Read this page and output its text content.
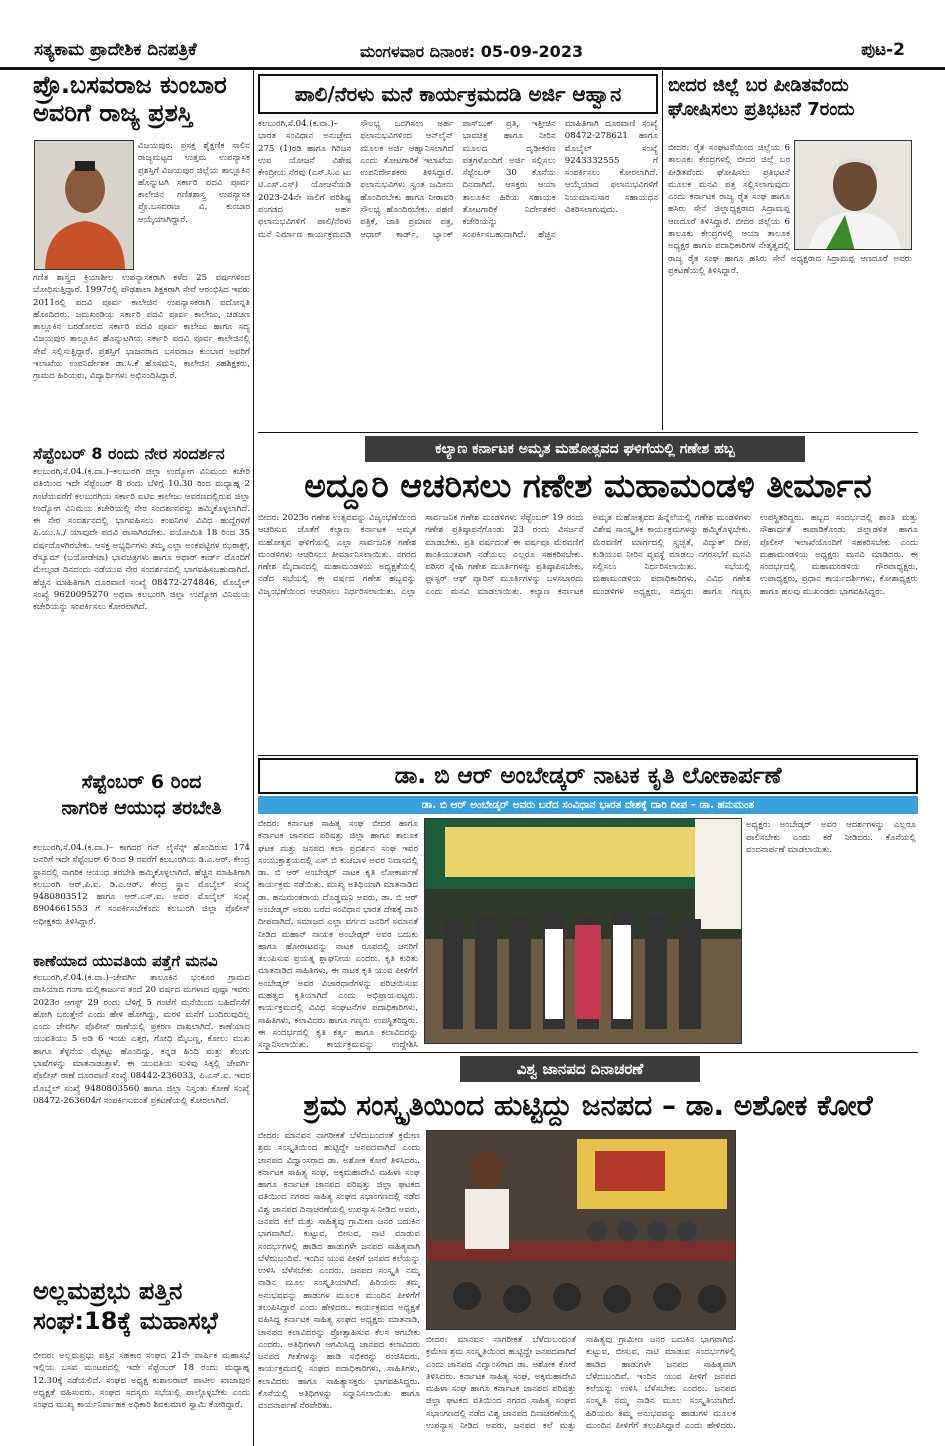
ಸತ್ಯಕಾಮ ಪ್ರಾದೇಶಿಕ ದಿನಪತ್ರಿಕೆ	ಮಂಗಳವಾರ ದಿನಾಂಕ: 05-09-2023	ಪುಟ-2
ಪ್ರೊ.ಬಸವರಾಜ ಕುಂಬಾರ ಅವರಿಗೆ ರಾಜ್ಯ ಪ್ರಶಸ್ತಿ
ವಿಜಯಪುರ: ಪ್ರಸಕ್ತ ಶೈಕ್ಷಣಿಕ ಸಾಲಿನ ರಾಜ್ಯಮಟ್ಟದ ಉತ್ತಮ ಉಪನ್ಯಾಸಕ ಪ್ರಶಸ್ತಿಗೆ ವಿಜಯಪುರ ಜಿಲ್ಲೆಯ ತಾಲ್ಲೂಕಿನ ಹೊನ್ನುಟಗಿ ಸರ್ಕಾರಿ ಪದವಿ ಪೂರ್ವ ಕಾಲೇಜಿನ ಗಣಿತಶಾಸ್ತ್ರ ಉಪನ್ಯಾಸಕ ಪ್ರೊ.ಬಸವರಾಜ ವಿ. ಕುಂಬಾರ ಆಯ್ಕೆಯಾಗಿದ್ದಾರೆ.
ಗಣಿತ ಶಾಸ್ತ್ರದ ಕ್ರಿಯಾಶೀಲ ಉಪನ್ಯಾಸಕರಾಗಿ ಕಳೆದ 25 ವರ್ಷಗಳಿಂದ ಬೋಧಿಸುತ್ತಿದ್ದಾರೆ. 1997ರಲ್ಲಿ ಪೌಢಶಾಲಾ ಶಿಕ್ಷಕರಾಗಿ ಸೇವೆ ಆರಂಭಿಸಿದ ಇವರು 2011ರಲ್ಲಿ ಪದವಿ ಪೂರ್ವ ಕಾಲೇಜಿನ ಉಪನ್ಯಾಸಕರಾಗಿ ಪದೋನ್ನತಿ ಹೊಂದಿದರು. ಜಮಖಂಡಿಯ ಸರ್ಕಾರಿ ಪದವಿ ಪೂರ್ವ ಕಾಲೇಜು, ಚಡಚಣ ತಾಲ್ಲೂಕಿನ ಬರಡೋಲದ ಸರ್ಕಾರಿ ಪದವಿ ಪೂರ್ವ ಕಾಲೇಜು ಹಾಗೂ ಸದ್ಯ ವಿಜಯಪುರ ತಾಲ್ಲೂಕಿನ ಹೊನ್ನುಟಗಿಯ ಸರ್ಕಾರಿ ಪದವಿ ಪೂರ್ವ ಕಾಲೇಜಿನಲ್ಲಿ ಸೇವೆ ಸಲ್ಲಿಸುತ್ತಿದ್ದಾರೆ. ಪ್ರಶಸ್ತಿಗೆ ಭಾಜನರಾದ ಬಸವರಾಜ ಕುಂಬಾರ ಅವರಿಗೆ ಇಲಾಖೆಯ ಉಪನಿರ್ದೇಶಕ ಡಾ.ಸಿ.ಕೆ ಹೊಸಮನಿ, ಕಾಲೇಜಿನ ಸಹಶಿಕ್ಷಕರು, ಗ್ರಾಮದ ಹಿರಿಯರು, ವಿದ್ಯಾರ್ಥಿಗಳು ಅಭಿನಂದಿಸಿದ್ದಾರೆ.
ಸೆಪ್ಟೆಂಬರ್ 8 ರಂದು ನೇರ ಸಂದರ್ಶನ
ಕಲಬುರಗಿ,ಸೆ.04.(ಕ.ವಾ.)–ಕಲಬುರಗಿ ಜಿಲ್ಲಾ ಉದ್ಯೋಗ ವಿನಿಮಯ ಕಚೇರಿ ವತಿಯಿಂದ ಇದೇ ಸೆಪ್ಟೆಂಬರ್ 8 ರಂದು ಬೆಳಿಗ್ಗೆ 10.30 ರಿಂದ ಮಧ್ಯಾಹ್ನ 2 ಗಂಟೆಯವರೆಗೆ ಕಲಬುರಗಿಯ ಸರ್ಕಾರಿ ಐಟಿಐ ಕಾಲೇಜು ಆವರಣದಲ್ಲಿರುವ ಜಿಲ್ಲಾ ಉದ್ಯೋಗ ವಿನಿಮಯ ಕಚೇರಿಯಲ್ಲಿ ನೇರ ಸಂದರ್ಶನವನ್ನು ಹಮ್ಮಿಕೊಳ್ಳಲಾಗಿದೆ. ಈ ನೇರ ಸಂದರ್ಶನದಲ್ಲಿ ಭಾಗವಹಿಸಲು ಕಂಪನಿಗಳ ವಿವಿಧ ಹುದ್ದೆಗಳಿಗೆ ಪಿ.ಯು.ಸಿ./ ಯಾವುದೇ ಪದವಿ ಪಾಸಾಗಿರಬೇಕು. ವಯೋಮಿತಿ 18 ರಿಂದ 35 ವರ್ಷದೊಳಗಿರಬೇಕು. ಆಸಕ್ತ ಅಭ್ಯರ್ಥಿಗಳು ತಮ್ಮ ಎಲ್ಲಾ ಅಂಕಪಟ್ಟಿಗಳ ಝರಾಕ್ಸ್, ರೆಸ್ಯೂಮ್ (ಬಯೋಡೇಟಾ) ಭಾವಚಿತ್ರಗಳು ಹಾಗೂ ಆಧಾರ್ ಕಾರ್ಡ್ ದೊಂದಿಗೆ ಮೇಲ್ಕಂಡ ದಿನದಂದು ನಡೆಯುವ ನೇರ ಸಂದರ್ಶನದಲ್ಲಿ ಭಾಗವಹಿಸಬಹುದಾಗಿದೆ. ಹೆಚ್ಚಿನ ಮಾಹಿತಿಗಾಗಿ ದೂರವಾಣಿ ಸಂಖ್ಯೆ 08472-274846, ಮೊಬೈಲ್ ಸಂಖ್ಯೆ 9620095270 ಅಥವಾ ಕಲಬುರಗಿ ಜಿಲ್ಲಾ ಉದ್ಯೋಗ ವಿನಿಮಯ ಕಚೇರಿಯನ್ನು ಸಂಪರ್ಕಿಸಲು ಕೋರಲಾಗಿದೆ.
ಸೆಪ್ಟೆಂಬರ್ 6 ರಿಂದ
ನಾಗರಿಕ ಆಯುಧ ತರಬೇತಿ
ಕಲಬುರಗಿ,ಸೆ.04.(ಕ.ವಾ.)– ಕಾಗದರ ಗನ್ ಲೈಸೆನ್ಸ್ ಹೊಂದಿರುವ 174 ಜನರಿಗೆ ಇದೇ ಸೆಪ್ಟೆಂಬರ್ 6 ರಿಂದ 9 ರವರೆಗೆ ಕಲಬುರಗಿಯ ಡಿ.ಎ.ಆರ್. ಕೇಂದ್ರ ಸ್ಥಾನದಲ್ಲಿ ನಾಗರಿಕ ಆಯುಧ ತರಬೇತಿ ಹಮ್ಮಿಕೊಳ್ಳಲಾಗಿದೆ. ಹೆಚ್ಚಿನ ಮಾಹಿತಿಗಾಗಿ ಕಲಬುರಗಿ ಆರ್.ಪಿ.ಐ. ಡಿ.ಎ.ಆರ್. ಕೇಂದ್ರ ಸ್ಥಾನ ಮೊಬೈಲ್ ಸಂಖ್ಯೆ 9480803512 ಹಾಗೂ ಆರ್.ಎಸ್.ಐ. ಅವರ ಮೊಬೈಲ್ ಸಂಖ್ಯೆ 8904661553 ಗೆ ಸಂಪರ್ಕಿಸಬೇಕೆಂದು ಕಲಬುರಗಿ ಜಿಲ್ಲಾ ಪೊಲೀಸ್ ಅಧೀಕ್ಷಕರು ತಿಳಿಸಿದ್ದಾರೆ.
ಕಾಣೆಯಾದ ಯುವತಿಯ ಪತ್ತೆಗೆ ಮನವಿ
ಕಲಬುರಗಿ,ಸೆ.04.(ಕ.ವಾ.)–ಜೇವರ್ಗಿ ತಾಲೂಕಿನ ಭಂಕೂರ ಗ್ರಾಮದ ವಾಸಿಯಾದ ಗಂಗಾ ಮಲ್ಲಿಕಾರ್ಜುನ ತಂದೆ 20 ವರ್ಷದ ಮಗಳಾದ ಪುಷ್ಪಾ ಇವರು 2023ರ ಆಗಸ್ಟ್ 29 ರಂದು ಬೆಳಿಗ್ಗೆ 5 ಗಂಟೆಗೆ ಮನೆಯಿಂದ ಬಹಿರ್ದೆಸೆಗೆ ಹೋಗಿ ಬರುತ್ತೇನೆ ಎಂದು ಹೇಳಿ ಹೋಗಿದ್ದು, ಮರಳಿ ಮನೆಗೆ ಬಂದಿರುವುದಿಲ್ಲ ಎಂದು ಜೇವರ್ಗಿ ಪೊಲೀಸ್ ಠಾಣೆಯಲ್ಲಿ ಪ್ರಕರಣ ದಾಖಲಾಗಿದೆ. ಕಾಣೆಯಾದ ಯುವತಿಯು 5 ಅಡಿ 6 ಇಂಚು ಎತ್ತರ, ಗೋಧಿ ಮೈಬಣ್ಣ, ಕೋಲು ಮುಖ ಹಾಗೂ ತೆಳ್ಳನೆಯ ಮೈಕಟ್ಟು ಹೊಂದಿದ್ದು, ಕನ್ನಡ ಹಿಂದಿ ಮತ್ತು ತೆಲುಗು ಭಾಷೆಗಳನ್ನು ಮಾತನಾಡುತ್ತಾಳೆ. ಈ ಯುವತಿಯ ಸುಳಿವು ಸಿಕ್ಕಲ್ಲಿ ಜೇವರ್ಗಿ ಪೊಲೀಸ್ ಠಾಣೆ ದೂರವಾಣಿ ಸಂಖ್ಯೆ 08442-236033, ಪಿ.ಎಸ್.ಐ. ಇವರ ಮೊಬೈಲ್ ಸಂಖ್ಯೆ 9480803560 ಹಾಗೂ ಜಿಲ್ಲಾ ನಿಸ್ತಂತು ಕೋಣೆ ಸಂಖ್ಯೆ 08472-263604ಗೆ ಸಂಪರ್ಕಿಸುವಂತೆ ಪ್ರಕಟಣೆಯಲ್ಲಿ ಕೋರಲಾಗಿದೆ.
ಅಲ್ಲಮಪ್ರಭು ಪತ್ತಿನ
ಸಂಘ:18ಕ್ಕೆ ಮಹಾಸಭೆ
ಬೀದರ: ಅಲ್ಲಮಪ್ರಭು ಪತ್ತಿನ ಸಹಕಾರ ಸಂಘದ 21ನೇ ವಾರ್ಷಿಕ ಮಹಾಸಭೆ ಇಲ್ಲಿಯ ಬಸವ ಮಂಟಪದಲ್ಲಿ ಇದೇ ಸೆಪ್ಟೆಂಬರ್ 18 ರಂದು ಮಧ್ಯಾಹ್ನ 12.30ಕ್ಕೆ ನಡೆಯಲಿದೆ. ಸಂಘದ ಅಧ್ಯಕ್ಷ ಕುಶಾಲರಾವ್ ಪಾಟೀಲ ಖಾಜಾಪುರ ಅಧ್ಯಕ್ಷತೆ ವಹಿಸುವರು. ಸಂಘದ ಸದಸ್ಯರು ಸಭೆಯಲ್ಲಿ ಪಾಲ್ಗೊಳ್ಳಬೇಕು ಎಂದು ಸಂಘದ ಮುಖ್ಯ ಕಾರ್ಯನಿರ್ವಾಹಕ ಅಧಿಕಾರಿ ಶಿವಕುಮಾರ ಸ್ವಾಮಿ ಕೋರಿದ್ದಾರೆ.
ಪಾಲಿ/ನೆರಳು ಮನೆ ಕಾರ್ಯಕ್ರಮದಡಿ ಅರ್ಜಿ ಆಹ್ವಾನ
ಕಲಬುರಗಿ,ಸೆ.04.(ಕ.ವಾ.)– ಭಾರತ ಸಂವಿಧಾನ ಅನುಚ್ಛೇದ 275 (1)ರಡಿ ಹಾಗೂ ಗಿರಿಜನ ಉಪ ಯೋಜನೆ ವಿಶೇಷ ಕೇಂದ್ರೀಯ ನೆರವು (ಎಸ್.ಸಿ.ಎ ಟು ಟಿ.ಎಸ್.ಎಸ್) ಯೋಜನೆಯಡಿ 2023-24ನೇ ಸಾಲಿಗೆ ಪರಿಶಿಷ್ಟ ಪಂಗಡದ ಅರ್ಹ ಫಲಾನುಭವಿಗಳಿಗೆ ಪಾಲಿ/ನೆರಳು ಮನೆ ನಿರ್ಮಾಣ ಕಾರ್ಯಕ್ರಮದಡಿ ಸೌಲಭ್ಯ ಒದಗಿಸಲು ಅರ್ಹ ಫಲಾನುಭವಿಗಳಿಂದ ಆನ್‍ಲೈನ್ ಮೂಲಕ ಅರ್ಜಿ ಆಹ್ವಾನಿಸಲಾಗಿದೆ ಎಂದು ತೋಟಗಾರಿಕೆ ಇಲಾಖೆಯ ಉಪನಿರ್ದೇಶಕರು ತಿಳಿಸಿದ್ದಾರೆ. ಫಲಾನುಭವಿಗಳು ಸ್ವಂತ ಜಮೀನು ಹೊಂದಿರಬೇಕು ಹಾಗೂ ನೀರಾವರಿ ಸೌಲಭ್ಯ ಹೊಂದಿರಬೇಕು. ಪಹಣಿ ಪತ್ರಿಕೆ, ಜಾತಿ ಪ್ರಮಾಣ ಪತ್ರ, ಆಧಾರ್ ಕಾರ್ಡ್, ಬ್ಯಾಂಕ್ ಪಾಸ್‍ಬುಕ್ ಪ್ರತಿ, ಇತ್ತೀಚಿನ ಭಾವಚಿತ್ರ ಹಾಗೂ ನೀರಿನ ಮೂಲದ ದೃಢೀಕರಣ ಪತ್ರಗಳೊಂದಿಗೆ ಅರ್ಜಿ ಸಲ್ಲಿಸಲು ಸೆಪ್ಟೆಂಬರ್ 30 ಕೊನೆಯ ದಿನವಾಗಿದೆ. ಆಸಕ್ತರು ಆಯಾ ತಾಲೂಕಿನ ಹಿರಿಯ ಸಹಾಯಕ ತೋಟಗಾರಿಕೆ ನಿರ್ದೇಶಕರ ಕಚೇರಿಯನ್ನು ಸಂಪರ್ಕಿಸಬಹುದಾಗಿದೆ. ಹೆಚ್ಚಿನ ಮಾಹಿತಿಗಾಗಿ ದೂರವಾಣಿ ಸಂಖ್ಯೆ 08472-278621 ಹಾಗೂ ಮೊಬೈಲ್ ಸಂಖ್ಯೆ 9243332555 ಗೆ ಸಂಪರ್ಕಿಸಲು ಕೋರಲಾಗಿದೆ. ಆಯ್ಕೆಯಾದ ಫಲಾನುಭವಿಗಳಿಗೆ ನಿಯಮಾನುಸಾರ ಸಹಾಯಧನ ವಿತರಿಸಲಾಗುವುದು.
ಬೀದರ ಜಿಲ್ಲೆ ಬರ ಪೀಡಿತವೆಂದು ಘೋಷಿಸಲು ಪ್ರತಿಭಟನೆ 7ರಂದು
ಬೀದರ: ರೈತ ಸಂಘಟನೆಯಿಂದ ಜಿಲ್ಲೆಯ 6 ತಾಲೂಕು ಕೇಂದ್ರಗಳಲ್ಲಿ ಬೀದರ ಜಿಲ್ಲೆ ಬರ ಪೀಡಿತವೆಂದು ಘೋಷಿಸಲು ಪ್ರತಿಭಟನೆ ಮೂಲಕ ಮನವಿ ಪತ್ರ ಸಲ್ಲಿಸಲಾಗುವುದು ಎಂದು ಕರ್ನಾಟಕ ರಾಜ್ಯ ರೈತ ಸಂಘ ಹಾಗೂ ಹಸಿರು ಸೇನೆ ಜಿಲ್ಲಾಧ್ಯಕ್ಷರಾದ ಸಿದ್ರಾಮಪ್ಪ ಆಣದೂರೆ ತಿಳಿಸಿದ್ದಾರೆ. ಬೀದರ ಜಿಲ್ಲೆಯ 6 ತಾಲೂಕು ಕೇಂದ್ರಗಳಲ್ಲಿ ಆಯಾ ತಾಲೂಕ ಅಧ್ಯಕ್ಷರ ಹಾಗೂ ಪದಾಧಿಕಾರಿಗಳ ನೇತೃತ್ವದಲ್ಲಿ
ರಾಜ್ಯ ರೈತ ಸಂಘ ಹಾಗೂ ಹಸಿರು ಸೇನೆ ಅಧ್ಯಕ್ಷರಾದ ಸಿದ್ರಾಮಪ್ಪ ಆಣದೂರೆ ಅವರು ಪ್ರಕಟಣೆಯಲ್ಲಿ ತಿಳಿಸಿದ್ದಾರೆ.
ಕಲ್ಯಾಣ ಕರ್ನಾಟಕ ಅಮೃತ ಮಹೋತ್ಸವದ ಘಳಿಗೆಯಲ್ಲಿ ಗಣೇಶ ಹಬ್ಬ
ಅದ್ದೂರಿ ಆಚರಿಸಲು ಗಣೇಶ ಮಹಾಮಂಡಳಿ ತೀರ್ಮಾನ
ಬೀದರ: 2023ರ ಗಣೇಶ ಉತ್ಸವವನ್ನು ವಿಜೃಂಭಣೆಯಿಂದ ಆಚರಿಸುವ ಜೊತೆಗೆ ಕಲ್ಯಾಣ ಕರ್ನಾಟಕ ಅಮೃತ ಮಹೋತ್ಸವ ಘಳಿಗೆಯಲ್ಲಿ ಎಲ್ಲಾ ಸಾರ್ವಜನಿಕ ಗಣೇಶ ಮಂಡಳಿಗಳು ಆಚರಿಸಲು ತೀರ್ಮಾನಿಸಲಾಯಿತು. ನಗರದ ಗಣೇಶ ಮೈದಾನದಲ್ಲಿ ಮಹಾಮಂಡಳಿಯ ಅಧ್ಯಕ್ಷತೆಯಲ್ಲಿ ನಡೆದ ಸಭೆಯಲ್ಲಿ ಈ ವರ್ಷದ ಗಣೇಶ ಹಬ್ಬವನ್ನು ವಿಜೃಂಭಣೆಯಿಂದ ಆಚರಿಸಲು ನಿರ್ಧರಿಸಲಾಯಿತು. ಎಲ್ಲಾ ಸಾರ್ವಜನಿಕ ಗಣೇಶ ಮಂಡಳಿಗಳು ಸೆಪ್ಟೆಂಬರ್ 19 ರಂದು ಗಣೇಶ ಪ್ರತಿಷ್ಠಾಪನೆಗೊಂಡು 23 ರಂದು ವಿಸರ್ಜನೆ ಮಾಡಬೇಕು. ಪ್ರತಿ ವರ್ಷದಂತೆ ಈ ವರ್ಷವೂ ಮೆರವಣಿಗೆ ಶಾಂತಿಯುತವಾಗಿ ನಡೆಯಲು ಎಲ್ಲರೂ ಸಹಕರಿಸಬೇಕು. ಪರಿಸರ ಸ್ನೇಹಿ ಗಣೇಶ ಮೂರ್ತಿಗಳನ್ನು ಪ್ರತಿಷ್ಠಾಪಿಸಬೇಕು, ಪ್ಲಾಸ್ಟರ್ ಆಫ್ ಪ್ಯಾರಿಸ್ ಮೂರ್ತಿಗಳನ್ನು ಬಳಸಬಾರದು ಎಂದು ಮನವಿ ಮಾಡಲಾಯಿತು. ಕಲ್ಯಾಣ ಕರ್ನಾಟಕ ಅಮೃತ ಮಹೋತ್ಸವದ ಹಿನ್ನೆಲೆಯಲ್ಲಿ ಗಣೇಶ ಮಂಡಳಿಗಳು ವಿಶೇಷ ಸಾಂಸ್ಕೃತಿಕ ಕಾರ್ಯಕ್ರಮಗಳನ್ನು ಹಮ್ಮಿಕೊಳ್ಳಬೇಕು. ಮೆರವಣಿಗೆ ಮಾರ್ಗದಲ್ಲಿ ಸ್ವಚ್ಛತೆ, ವಿದ್ಯುತ್ ದೀಪ, ಕುಡಿಯುವ ನೀರಿನ ವ್ಯವಸ್ಥೆ ಮಾಡಲು ನಗರಸಭೆಗೆ ಮನವಿ ಸಲ್ಲಿಸಲು ನಿರ್ಧರಿಸಲಾಯಿತು. ಸಭೆಯಲ್ಲಿ ಮಹಾಮಂಡಳಿಯ ಪದಾಧಿಕಾರಿಗಳು, ವಿವಿಧ ಗಣೇಶ ಮಂಡಳಿಗಳ ಅಧ್ಯಕ್ಷರು, ಸದಸ್ಯರು ಹಾಗೂ ಗಣ್ಯರು ಉಪಸ್ಥಿತರಿದ್ದರು. ಹಬ್ಬದ ಸಂದರ್ಭದಲ್ಲಿ ಶಾಂತಿ ಮತ್ತು ಸೌಹಾರ್ದತೆ ಕಾಪಾಡಿಕೊಂಡು ಜಿಲ್ಲಾಡಳಿತ ಹಾಗೂ ಪೊಲೀಸ್ ಇಲಾಖೆಯೊಂದಿಗೆ ಸಹಕರಿಸಬೇಕು ಎಂದು ಮಹಾಮಂಡಳಿಯ ಅಧ್ಯಕ್ಷರು ಮನವಿ ಮಾಡಿದರು. ಈ ಸಂದರ್ಭದಲ್ಲಿ ಮಹಾಮಂಡಳಿಯ ಗೌರವಾಧ್ಯಕ್ಷರು, ಉಪಾಧ್ಯಕ್ಷರು, ಪ್ರಧಾನ ಕಾರ್ಯದರ್ಶಿಗಳು, ಕೋಶಾಧ್ಯಕ್ಷರು ಹಾಗೂ ಹಲವು ಮುಖಂಡರು ಭಾಗವಹಿಸಿದ್ದರು.
ಡಾ. ಬಿ ಆರ್ ಅಂಬೇಡ್ಕರ್ ನಾಟಕ ಕೃತಿ ಲೋಕಾರ್ಪಣೆ
ಡಾ. ಬಿ ಆರ್ ಅಂಬೇಡ್ಕರ್ ಅವರು ಬರೆದ ಸಂವಿಧಾನ ಭಾರತ ದೇಶಕ್ಕೆ ದಾರಿ ದೀಪ – ಡಾ. ಹನುಮಂತ
ಬೀದರ: ಕರ್ನಾಟಕ ಸಾಹಿತ್ಯ ಸಂಘ ಬೀದರ ಹಾಗೂ ಕರ್ನಾಟಕ ಜಾನಪದ ಪರಿಷತ್ತು ಜಿಲ್ಲಾ ಹಾಗೂ ತಾಲೂಕ ಘಟಕ ಮತ್ತು ಜನಪದ ಕಲಾ ಪ್ರದರ್ಶನ ಸಂಘ ಇವರ ಸಂಯುಕ್ತಾಶ್ರಯದಲ್ಲಿ ಎಸ್ ಬಿ ಕುಚಬಾಳ ಅವರ ನಿವಾಸದಲ್ಲಿ ಡಾ. ಬಿ ಆರ್ ಅಂಬೇಡ್ಕರ್ ನಾಟಕ ಕೃತಿ ಲೋಕಾರ್ಪಣೆ ಕಾರ್ಯಕ್ರಮ ನಡೆಯಿತು. ಮುಖ್ಯ ಅತಿಥಿಯಾಗಿ ಮಾತನಾಡಿದ ಡಾ. ಹನುಮಂತರಾಯ ದೊಡ್ಡಮನಿ ಅವರು, ಡಾ. ಬಿ ಆರ್ ಅಂಬೇಡ್ಕರ್ ಅವರು ಬರೆದ ಸಂವಿಧಾನ ಭಾರತ ದೇಶಕ್ಕೆ ದಾರಿ ದೀಪವಾಗಿದೆ. ಸಮಾಜದ ಎಲ್ಲಾ ವರ್ಗದ ಜನರಿಗೆ ಸಮಾನತೆ ನೀಡಿದ ಮಹಾನ್ ನಾಯಕ ಅಂಬೇಡ್ಕರ್ ಅವರ ಬದುಕು ಹಾಗೂ ಹೋರಾಟವನ್ನು ನಾಟಕ ರೂಪದಲ್ಲಿ ಜನರಿಗೆ ತಲುಪಿಸುವ ಪ್ರಯತ್ನ ಶ್ಲಾಘನೀಯ ಎಂದರು. ಕೃತಿ ಕುರಿತು ಮಾತನಾಡಿದ ಸಾಹಿತಿಗಳು, ಈ ನಾಟಕ ಕೃತಿ ಯುವ ಪೀಳಿಗೆಗೆ ಅಂಬೇಡ್ಕರ್ ಅವರ ವಿಚಾರಧಾರೆಗಳನ್ನು ಪರಿಚಯಿಸುವ ಮಹತ್ವದ ಕೃತಿಯಾಗಿದೆ ಎಂದು ಅಭಿಪ್ರಾಯಪಟ್ಟರು. ಕಾರ್ಯಕ್ರಮದಲ್ಲಿ ವಿವಿಧ ಸಂಘಟನೆಗಳ ಪದಾಧಿಕಾರಿಗಳು, ಸಾಹಿತಿಗಳು, ಕಲಾವಿದರು ಹಾಗೂ ಗಣ್ಯರು ಉಪಸ್ಥಿತರಿದ್ದರು. ಈ ಸಂದರ್ಭದಲ್ಲಿ ಕೃತಿ ಕರ್ತೃ ಹಾಗೂ ಕಲಾವಿದರನ್ನು ಸನ್ಮಾನಿಸಲಾಯಿತು. ಕಾರ್ಯಕ್ರಮವನ್ನು ಉದ್ದೇಶಿಸಿ
ಅಧ್ಯಕ್ಷರು ಅಂಬೇಡ್ಕರ್ ಅವರ ಆದರ್ಶಗಳನ್ನು ಎಲ್ಲರೂ ಪಾಲಿಸಬೇಕು ಎಂದು ಕರೆ ನೀಡಿದರು. ಕೊನೆಯಲ್ಲಿ ವಂದನಾರ್ಪಣೆ ಮಾಡಲಾಯಿತು.
ವಿಶ್ವ ಜಾನಪದ ದಿನಾಚರಣೆ
ಶ್ರಮ ಸಂಸ್ಕೃತಿಯಿಂದ ಹುಟ್ಟಿದ್ದು ಜನಪದ – ಡಾ. ಅಶೋಕ ಕೋರೆ
ಬೀದರ: ಮಾನವನ ನಾಗರೀಕತೆ ಬೆಳೆದುಬಂದಂತೆ ಕ್ರಮೇಣ ಶ್ರಮ ಸಂಸ್ಕೃತಿಯಿಂದ ಹುಟ್ಟಿದ್ದೇ ಜನಪದವಾಗಿದೆ ಎಂದು ಜಾನಪದ ವಿದ್ವಾಂಸರಾದ ಡಾ. ಅಶೋಕ ಕೋರೆ ತಿಳಿಸಿದರು. ಕರ್ನಾಟಕ ಸಾಹಿತ್ಯ ಸಂಘ, ಅಕ್ಕಮಹಾದೇವಿ ಮಹಿಳಾ ಸಂಘ ಹಾಗೂ ಕರ್ನಾಟಕ ಜಾನಪದ ಪರಿಷತ್ತು ಜಿಲ್ಲಾ ಘಟಕದ ವತಿಯಿಂದ ನಗರದ ಸಾಹಿತ್ಯ ಸಂಘದ ಸಭಾಂಗಣದಲ್ಲಿ ನಡೆದ ವಿಶ್ವ ಜಾನಪದ ದಿನಾಚರಣೆಯಲ್ಲಿ ಉಪನ್ಯಾಸ ನೀಡಿದ ಅವರು, ಜನಪದ ಕಲೆ ಮತ್ತು ಸಾಹಿತ್ಯವು ಗ್ರಾಮೀಣ ಜನರ ಬದುಕಿನ ಭಾಗವಾಗಿದೆ. ಕುಟ್ಟುವ, ಬೀಸುವ, ನಾಟಿ ಮಾಡುವ ಸಂದರ್ಭಗಳಲ್ಲಿ ಹಾಡಿದ ಹಾಡುಗಳೇ ಜನಪದ ಸಾಹಿತ್ಯವಾಗಿ ಬೆಳೆದುಬಂದಿವೆ. ಇಂದಿನ ಯುವ ಪೀಳಿಗೆ ಜನಪದ ಕಲೆಯನ್ನು ಉಳಿಸಿ ಬೆಳೆಸಬೇಕು ಎಂದರು. ಜನಪದ ಸಂಸ್ಕೃತಿ ನಮ್ಮ ನಾಡಿನ ಮೂಲ ಸಂಸ್ಕೃತಿಯಾಗಿದೆ. ಹಿರಿಯರು ತಮ್ಮ ಅನುಭವವನ್ನು ಹಾಡುಗಳ ಮೂಲಕ ಮುಂದಿನ ಪೀಳಿಗೆಗೆ ತಲುಪಿಸಿದ್ದಾರೆ ಎಂದು ಹೇಳಿದರು. ಕಾರ್ಯಕ್ರಮದ ಅಧ್ಯಕ್ಷತೆ ವಹಿಸಿದ್ದ ಕರ್ನಾಟಕ ಸಾಹಿತ್ಯ ಸಂಘದ ಅಧ್ಯಕ್ಷರು ಮಾತನಾಡಿ, ಜಾನಪದ ಕಲಾವಿದರನ್ನು ಪ್ರೋತ್ಸಾಹಿಸುವ ಕೆಲಸ ಆಗಬೇಕು ಎಂದರು. ಅತಿಥಿಗಳಾಗಿ ಆಗಮಿಸಿದ್ದ ಜಾನಪದ ಕಲಾವಿದರು ಜನಪದ ಗೀತೆಗಳನ್ನು ಹಾಡಿ ಸಭಿಕರನ್ನು ರಂಜಿಸಿದರು. ಕಾರ್ಯಕ್ರಮದಲ್ಲಿ ಸಂಘದ ಪದಾಧಿಕಾರಿಗಳು, ಸಾಹಿತಿಗಳು, ಕಲಾವಿದರು ಹಾಗೂ ಸಾಹಿತ್ಯಾಸಕ್ತರು ಭಾಗವಹಿಸಿದ್ದರು. ಕೊನೆಯಲ್ಲಿ ಅತಿಥಿಗಳನ್ನು ಸನ್ಮಾನಿಸಲಾಯಿತು ಹಾಗೂ ವಂದನಾರ್ಪಣೆ ನೆರವೇರಿತು.
ಬೀದರ: ಮಾನವನ ನಾಗರೀಕತೆ ಬೆಳೆದುಬಂದಂತೆ ಕ್ರಮೇಣ ಶ್ರಮ ಸಂಸ್ಕೃತಿಯಿಂದ ಹುಟ್ಟಿದ್ದೇ ಜನಪದವಾಗಿದೆ ಎಂದು ಜಾನಪದ ವಿದ್ವಾಂಸರಾದ ಡಾ. ಅಶೋಕ ಕೋರೆ ತಿಳಿಸಿದರು. ಕರ್ನಾಟಕ ಸಾಹಿತ್ಯ ಸಂಘ, ಅಕ್ಕಮಹಾದೇವಿ ಮಹಿಳಾ ಸಂಘ ಹಾಗೂ ಕರ್ನಾಟಕ ಜಾನಪದ ಪರಿಷತ್ತು ಜಿಲ್ಲಾ ಘಟಕದ ವತಿಯಿಂದ ನಗರದ ಸಾಹಿತ್ಯ ಸಂಘದ ಸಭಾಂಗಣದಲ್ಲಿ ನಡೆದ ವಿಶ್ವ ಜಾನಪದ ದಿನಾಚರಣೆಯಲ್ಲಿ ಉಪನ್ಯಾಸ ನೀಡಿದ ಅವರು, ಜನಪದ ಕಲೆ ಮತ್ತು ಸಾಹಿತ್ಯವು ಗ್ರಾಮೀಣ ಜನರ ಬದುಕಿನ ಭಾಗವಾಗಿದೆ. ಕುಟ್ಟುವ, ಬೀಸುವ, ನಾಟಿ ಮಾಡುವ ಸಂದರ್ಭಗಳಲ್ಲಿ ಹಾಡಿದ ಹಾಡುಗಳೇ ಜನಪದ ಸಾಹಿತ್ಯವಾಗಿ ಬೆಳೆದುಬಂದಿವೆ. ಇಂದಿನ ಯುವ ಪೀಳಿಗೆ ಜನಪದ ಕಲೆಯನ್ನು ಉಳಿಸಿ ಬೆಳೆಸಬೇಕು ಎಂದರು. ಜನಪದ ಸಂಸ್ಕೃತಿ ನಮ್ಮ ನಾಡಿನ ಮೂಲ ಸಂಸ್ಕೃತಿಯಾಗಿದೆ. ಹಿರಿಯರು ತಮ್ಮ ಅನುಭವವನ್ನು ಹಾಡುಗಳ ಮೂಲಕ ಮುಂದಿನ ಪೀಳಿಗೆಗೆ ತಲುಪಿಸಿದ್ದಾರೆ ಎಂದು ಹೇಳಿದರು.
